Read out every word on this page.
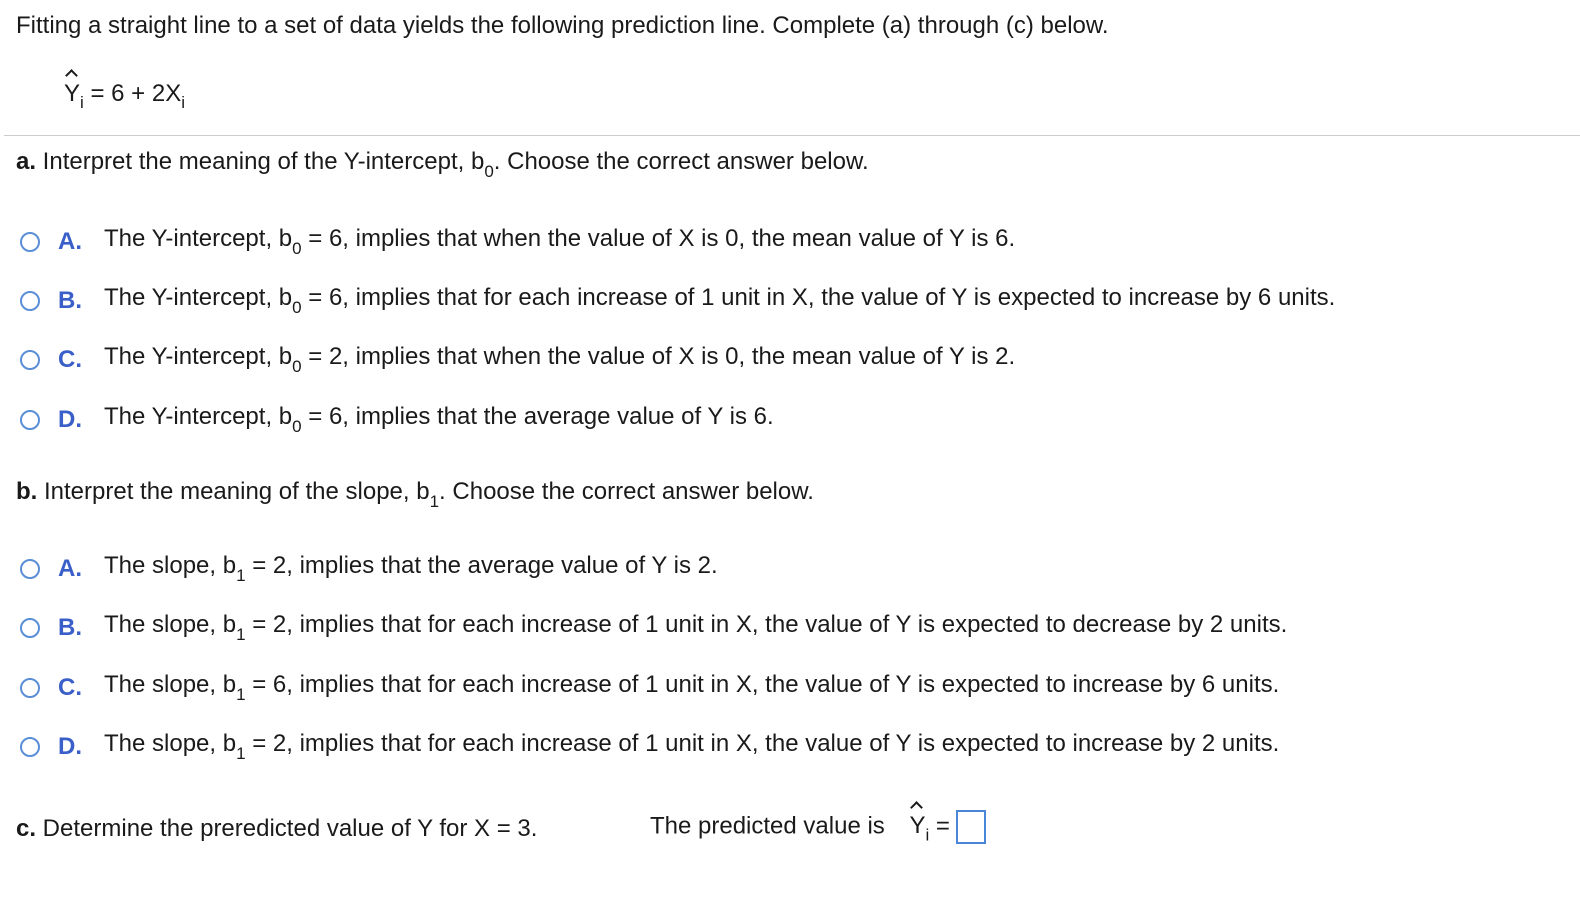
Fitting a straight line to a set of data yields the following prediction line. Complete (a) through (c) below.
$Y_i = 6 + 2X_i$
a. Interpret the meaning of the Y-intercept, $b_0$. Choose the correct answer below.
A. The Y-intercept, $b_0 = 6$, implies that when the value of X is 0, the mean value of Y is 6.
B. The Y-intercept, $b_0 = 6$, implies that for each increase of 1 unit in X, the value of Y is expected to increase by 6 units.
C. The Y-intercept, $b_0 = 2$, implies that when the value of X is 0, the mean value of Y is 2.
D. The Y-intercept, $b_0 = 6$, implies that the average value of Y is 6.
b. Interpret the meaning of the slope, $b_1$. Choose the correct answer below.
A. The slope, $b_1 = 2$, implies that the average value of Y is 2.
B. The slope, $b_1 = 2$, implies that for each increase of 1 unit in X, the value of Y is expected to decrease by 2 units.
C. The slope, $b_1 = 6$, implies that for each increase of 1 unit in X, the value of Y is expected to increase by 6 units.
D. The slope, $b_1 = 2$, implies that for each increase of 1 unit in X, the value of Y is expected to increase by 2 units.
c. Determine the preredicted value of Y for X = 3.	The predicted value is $Y_i$ =
